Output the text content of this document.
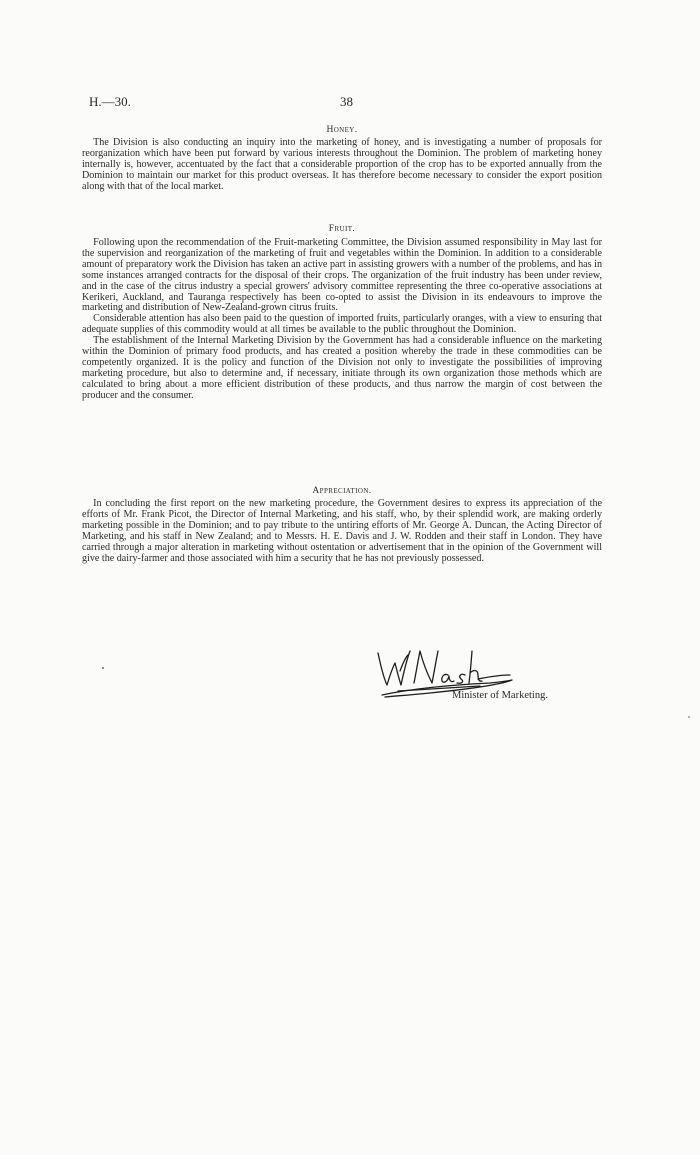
H.—30.	38
Honey.

The Division is also conducting an inquiry into the marketing of honey, and is investigating a number of proposals for reorganization which have been put forward by various interests throughout the Dominion. The problem of marketing honey internally is, however, accentuated by the fact that a considerable proportion of the crop has to be exported annually from the Dominion to maintain our market for this product overseas. It has therefore become necessary to consider the export position along with that of the local market.

Fruit.

Following upon the recommendation of the Fruit-marketing Committee, the Division assumed responsibility in May last for the supervision and reorganization of the marketing of fruit and vegetables within the Dominion. In addition to a considerable amount of preparatory work the Division has taken an active part in assisting growers with a number of the problems, and has in some instances arranged contracts for the disposal of their crops. The organization of the fruit industry has been under review, and in the case of the citrus industry a special growers' advisory committee representing the three co-operative associations at Kerikeri, Auckland, and Tauranga respectively has been co-opted to assist the Division in its endeavours to improve the marketing and distribution of New-Zealand-grown citrus fruits.

Considerable attention has also been paid to the question of imported fruits, particularly oranges, with a view to ensuring that adequate supplies of this commodity would at all times be available to the public throughout the Dominion.

The establishment of the Internal Marketing Division by the Government has had a considerable influence on the marketing within the Dominion of primary food products, and has created a position whereby the trade in these commodities can be competently organized. It is the policy and function of the Division not only to investigate the possibilities of improving marketing procedure, but also to determine and, if necessary, initiate through its own organization those methods which are calculated to bring about a more efficient distribution of these products, and thus narrow the margin of cost between the producer and the consumer.

Appreciation.

In concluding the first report on the new marketing procedure, the Government desires to express its appreciation of the efforts of Mr. Frank Picot, the Director of Internal Marketing, and his staff, who, by their splendid work, are making orderly marketing possible in the Dominion; and to pay tribute to the untiring efforts of Mr. George A. Duncan, the Acting Director of Marketing, and his staff in New Zealand; and to Messrs. H. E. Davis and J. W. Rodden and their staff in London. They have carried through a major alteration in marketing without ostentation or advertisement that in the opinion of the Government will give the dairy-farmer and those associated with him a security that he has not previously possessed.

Minister of Marketing.
